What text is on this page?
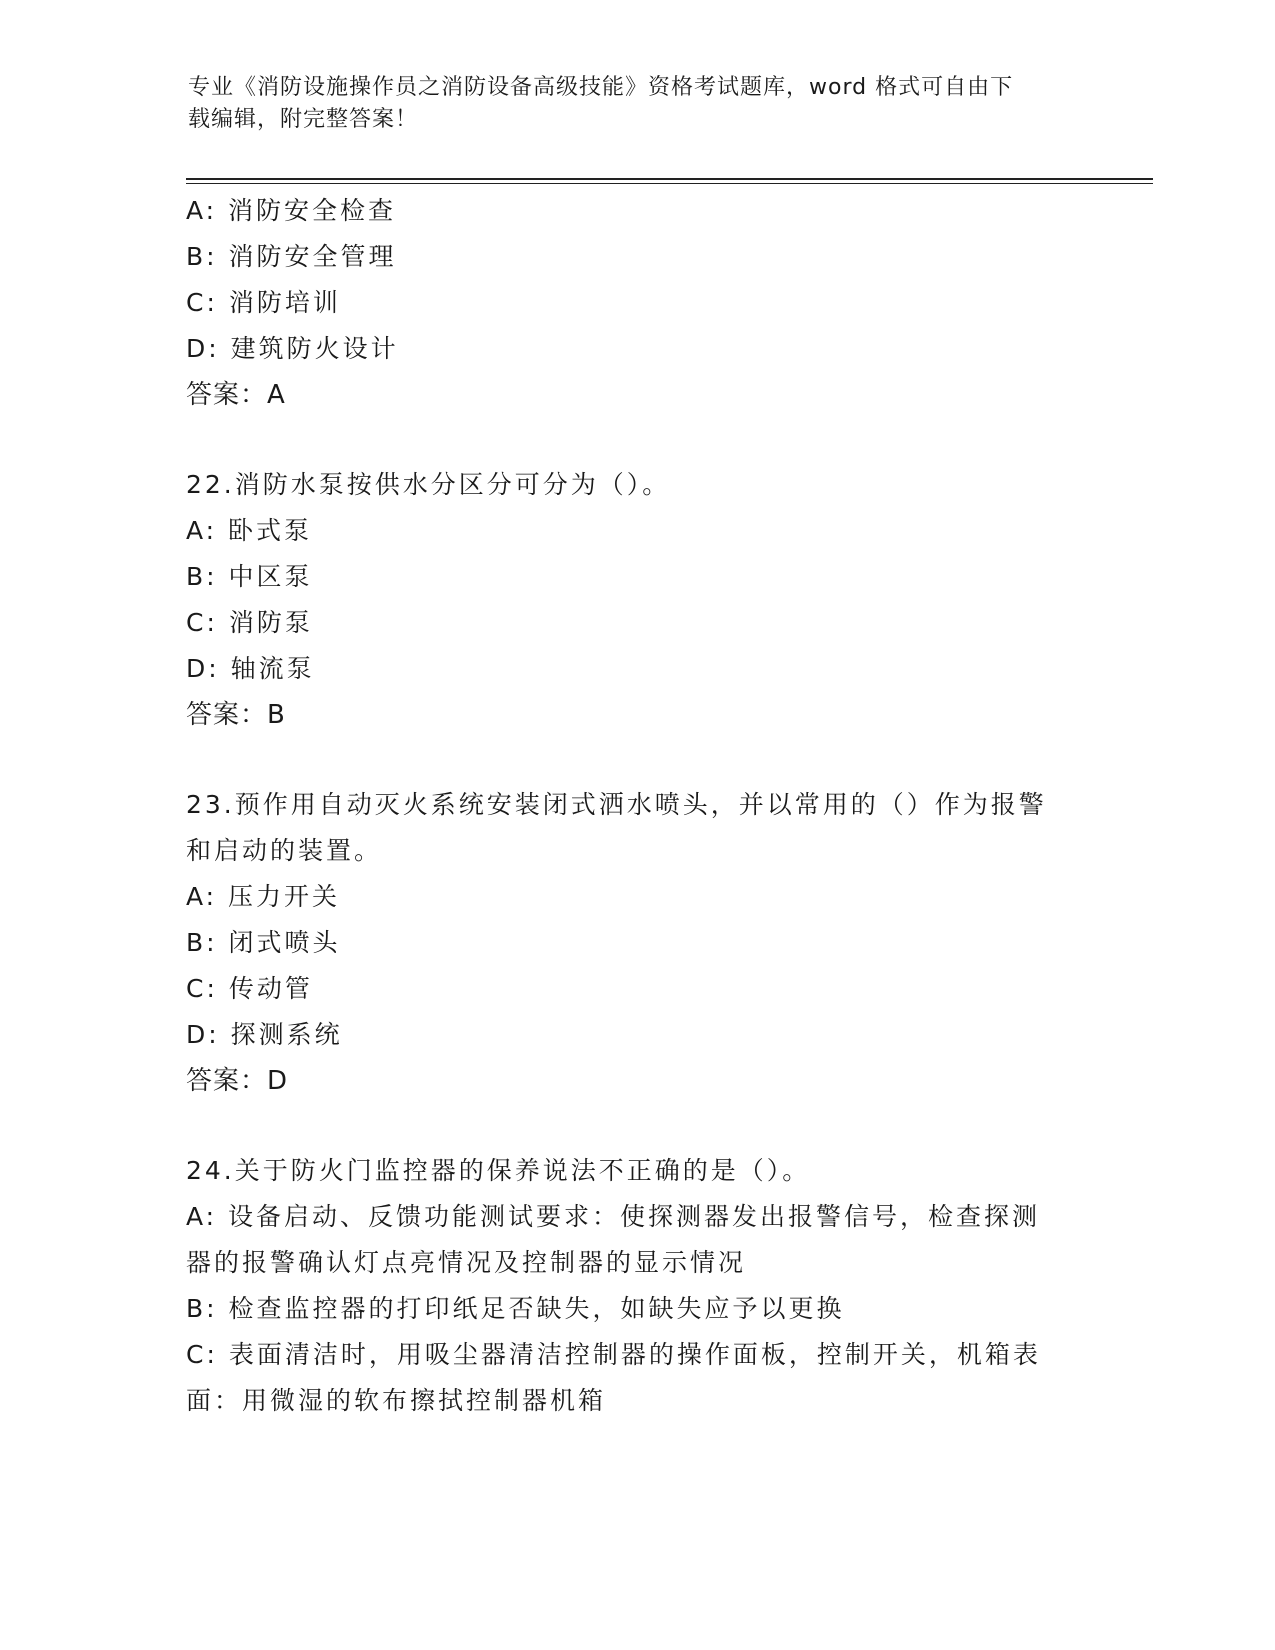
专业《消防设施操作员之消防设备高级技能》资格考试题库，word 格式可自由下
载编辑，附完整答案！
A: 消防安全检查
B: 消防安全管理
C: 消防培训
D: 建筑防火设计
答案：A
22.消防水泵按供水分区分可分为（）。
A: 卧式泵
B: 中区泵
C: 消防泵
D: 轴流泵
答案：B
23.预作用自动灭火系统安装闭式洒水喷头，并以常用的（）作为报警
和启动的装置。
A: 压力开关
B: 闭式喷头
C: 传动管
D: 探测系统
答案：D
24.关于防火门监控器的保养说法不正确的是（）。
A: 设备启动、反馈功能测试要求：使探测器发出报警信号，检查探测
器的报警确认灯点亮情况及控制器的显示情况
B: 检查监控器的打印纸足否缺失，如缺失应予以更换
C: 表面清洁时，用吸尘器清洁控制器的操作面板，控制开关，机箱表
面：用微湿的软布擦拭控制器机箱
